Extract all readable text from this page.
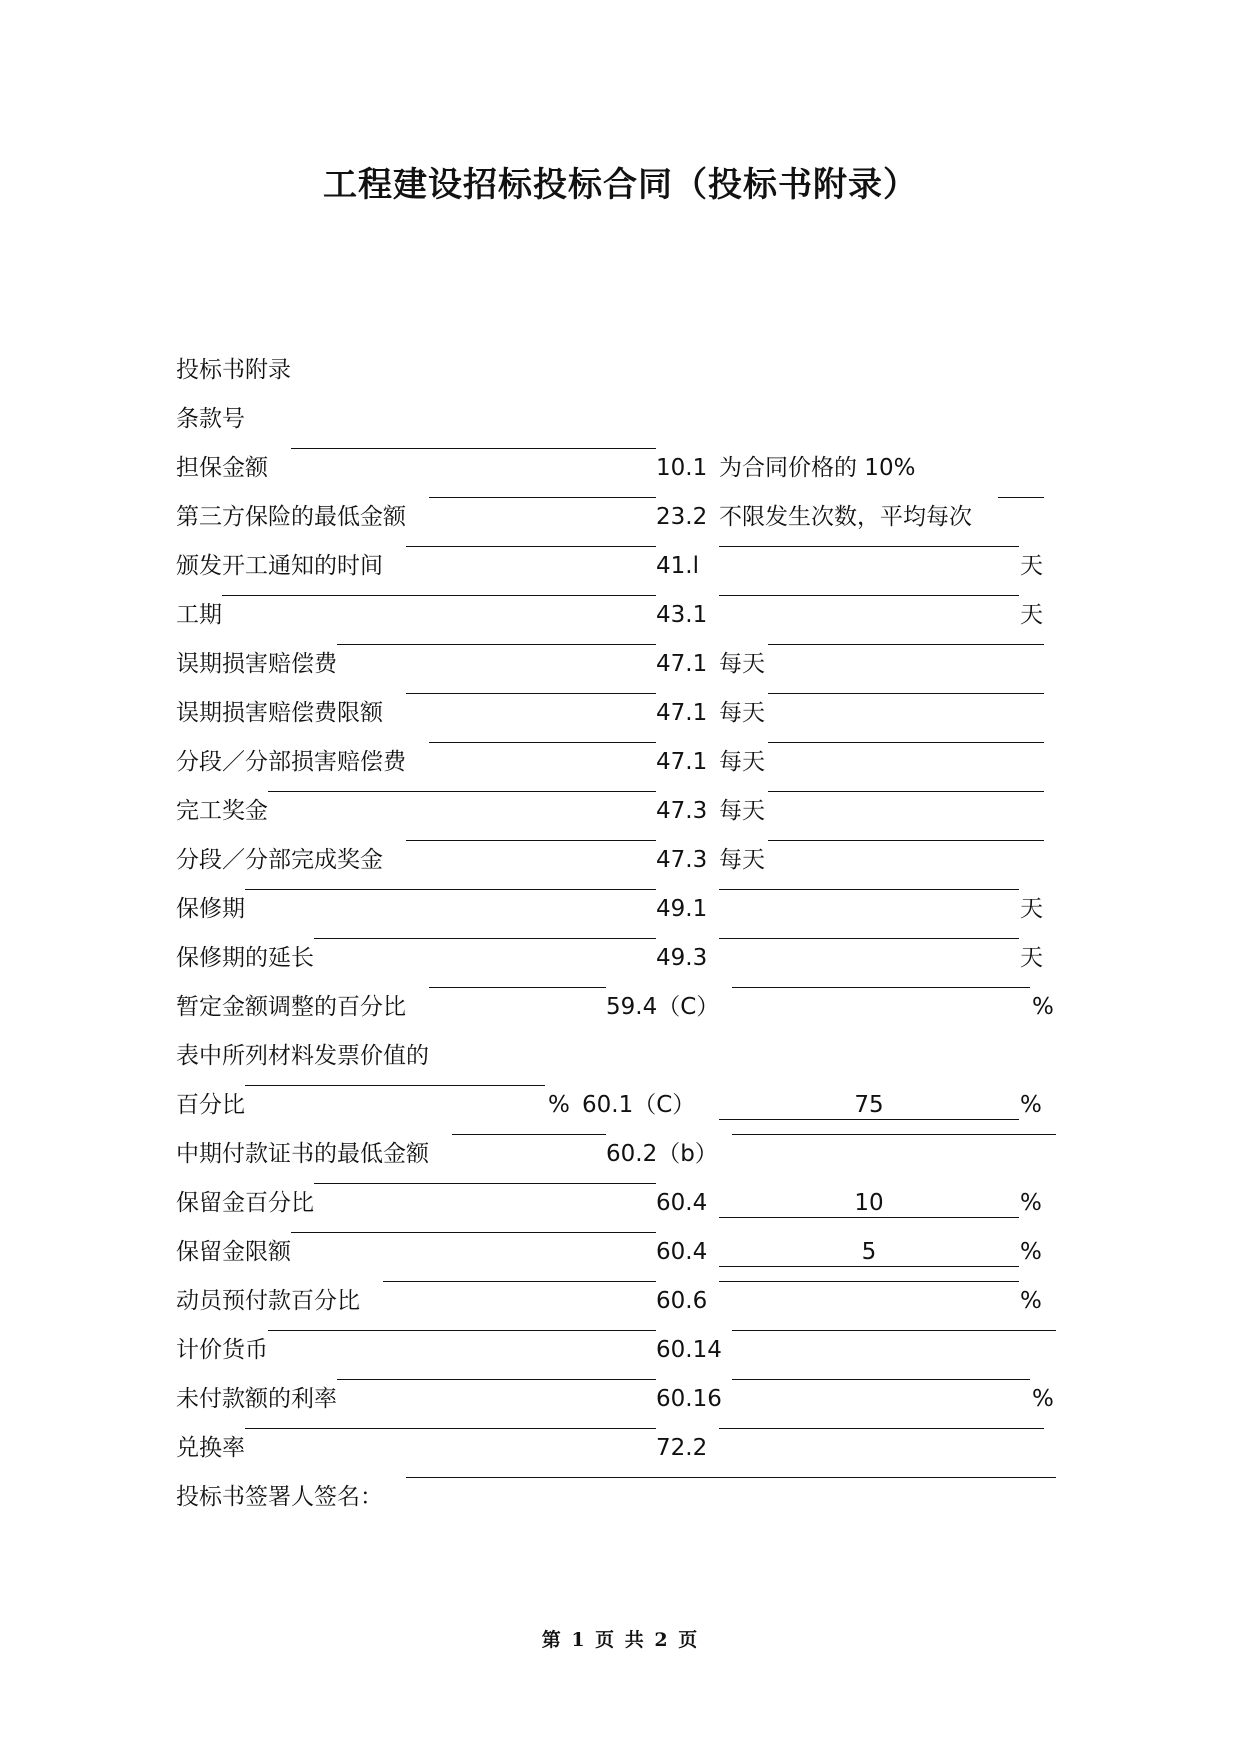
工程建设招标投标合同（投标书附录）
投标书附录
条款号
担保金额	10.1 为合同价格的 10%
第三方保险的最低金额	23.2 不限发生次数，平均每次
颁发开工通知的时间	41.l	天
工期	43.1	天
误期损害赔偿费	47.1 每天
误期损害赔偿费限额	47.1 每天
分段／分部损害赔偿费	47.1 每天
完工奖金	47.3 每天
分段／分部完成奖金	47.3 每天
保修期	49.1	天
保修期的延长	49.3	天
暂定金额调整的百分比	59.4（C）	%
表中所列材料发票价值的
百分比	% 60.1（C）	75	%
中期付款证书的最低金额	60.2（b）
保留金百分比	60.4	10	%
保留金限额	60.4	5	%
动员预付款百分比	60.6	%
计价货币	60.14
未付款额的利率	60.16	%
兑换率	72.2
投标书签署人签名：
第 1 页 共 2 页
